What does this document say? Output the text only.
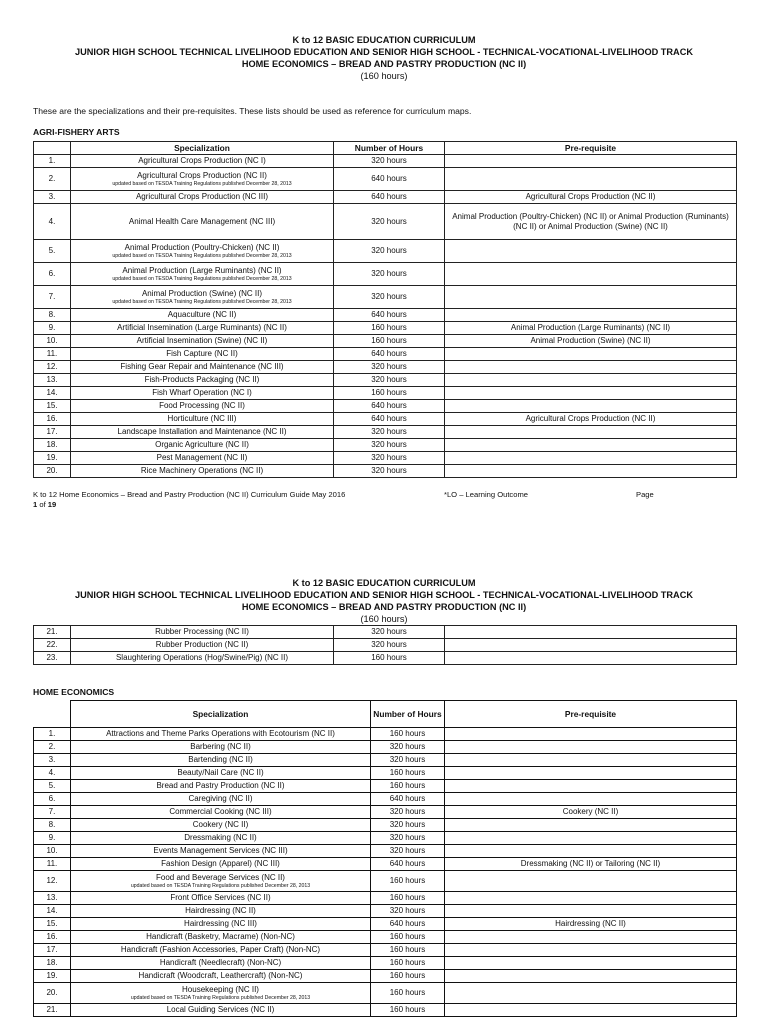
K to 12 BASIC EDUCATION CURRICULUM
JUNIOR HIGH SCHOOL TECHNICAL LIVELIHOOD EDUCATION AND SENIOR HIGH SCHOOL - TECHNICAL-VOCATIONAL-LIVELIHOOD TRACK
HOME ECONOMICS – BREAD AND PASTRY PRODUCTION (NC II)
(160 hours)
These are the specializations and their pre-requisites. These lists should be used as reference for curriculum maps.
AGRI-FISHERY ARTS
	Specialization	Number of Hours	Pre-requisite
1.	Agricultural Crops Production (NC I)	320 hours	
2.	Agricultural Crops Production (NC II)
updated based on TESDA Training Regulations published December 28, 2013	640 hours	
3.	Agricultural Crops Production (NC III)	640 hours	Agricultural Crops Production (NC II)
4.	Animal Health Care Management (NC III)	320 hours	Animal Production (Poultry-Chicken) (NC II) or Animal Production (Ruminants) (NC II) or Animal Production (Swine) (NC II)
5.	Animal Production (Poultry-Chicken) (NC II)
updated based on TESDA Training Regulations published December 28, 2013	320 hours	
6.	Animal Production (Large Ruminants) (NC II)
updated based on TESDA Training Regulations published December 28, 2013	320 hours	
7.	Animal Production (Swine) (NC II)
updated based on TESDA Training Regulations published December 28, 2013	320 hours	
8.	Aquaculture (NC II)	640 hours	
9.	Artificial Insemination (Large Ruminants) (NC II)	160 hours	Animal Production (Large Ruminants) (NC II)
10.	Artificial Insemination (Swine) (NC II)	160 hours	Animal Production (Swine) (NC II)
11.	Fish Capture (NC II)	640 hours	
12.	Fishing Gear Repair and Maintenance (NC III)	320 hours	
13.	Fish-Products Packaging (NC II)	320 hours	
14.	Fish Wharf Operation (NC I)	160 hours	
15.	Food Processing (NC II)	640 hours	
16.	Horticulture (NC III)	640 hours	Agricultural Crops Production (NC II)
17.	Landscape Installation and Maintenance (NC II)	320 hours	
18.	Organic Agriculture (NC II)	320 hours	
19.	Pest Management (NC II)	320 hours	
20.	Rice Machinery Operations (NC II)	320 hours	
K to 12 Home Economics – Bread and Pastry Production (NC II) Curriculum Guide May 2016	*LO – Learning Outcome	Page
1 of 19
K to 12 BASIC EDUCATION CURRICULUM
JUNIOR HIGH SCHOOL TECHNICAL LIVELIHOOD EDUCATION AND SENIOR HIGH SCHOOL - TECHNICAL-VOCATIONAL-LIVELIHOOD TRACK
HOME ECONOMICS – BREAD AND PASTRY PRODUCTION (NC II)
(160 hours)
21.	Rubber Processing (NC II)	320 hours	
22.	Rubber Production (NC II)	320 hours	
23.	Slaughtering Operations (Hog/Swine/Pig) (NC II)	160 hours	
HOME ECONOMICS
	Specialization	Number of Hours	Pre-requisite
1.	Attractions and Theme Parks Operations with Ecotourism (NC II)	160 hours	
2.	Barbering (NC II)	320 hours	
3.	Bartending (NC II)	320 hours	
4.	Beauty/Nail Care (NC II)	160 hours	
5.	Bread and Pastry Production (NC II)	160 hours	
6.	Caregiving (NC II)	640 hours	
7.	Commercial Cooking (NC III)	320 hours	Cookery (NC II)
8.	Cookery (NC II)	320 hours	
9.	Dressmaking (NC II)	320 hours	
10.	Events Management Services (NC III)	320 hours	
11.	Fashion Design (Apparel) (NC III)	640 hours	Dressmaking (NC II) or Tailoring (NC II)
12.	Food and Beverage Services (NC II)
updated based on TESDA Training Regulations published December 28, 2013	160 hours	
13.	Front Office Services (NC II)	160 hours	
14.	Hairdressing (NC II)	320 hours	
15.	Hairdressing (NC III)	640 hours	Hairdressing (NC II)
16.	Handicraft (Basketry, Macrame) (Non-NC)	160 hours	
17.	Handicraft (Fashion Accessories, Paper Craft) (Non-NC)	160 hours	
18.	Handicraft (Needlecraft) (Non-NC)	160 hours	
19.	Handicraft (Woodcraft, Leathercraft) (Non-NC)	160 hours	
20.	Housekeeping (NC II)
updated based on TESDA Training Regulations published December 28, 2013	160 hours	
21.	Local Guiding Services (NC II)	160 hours	
